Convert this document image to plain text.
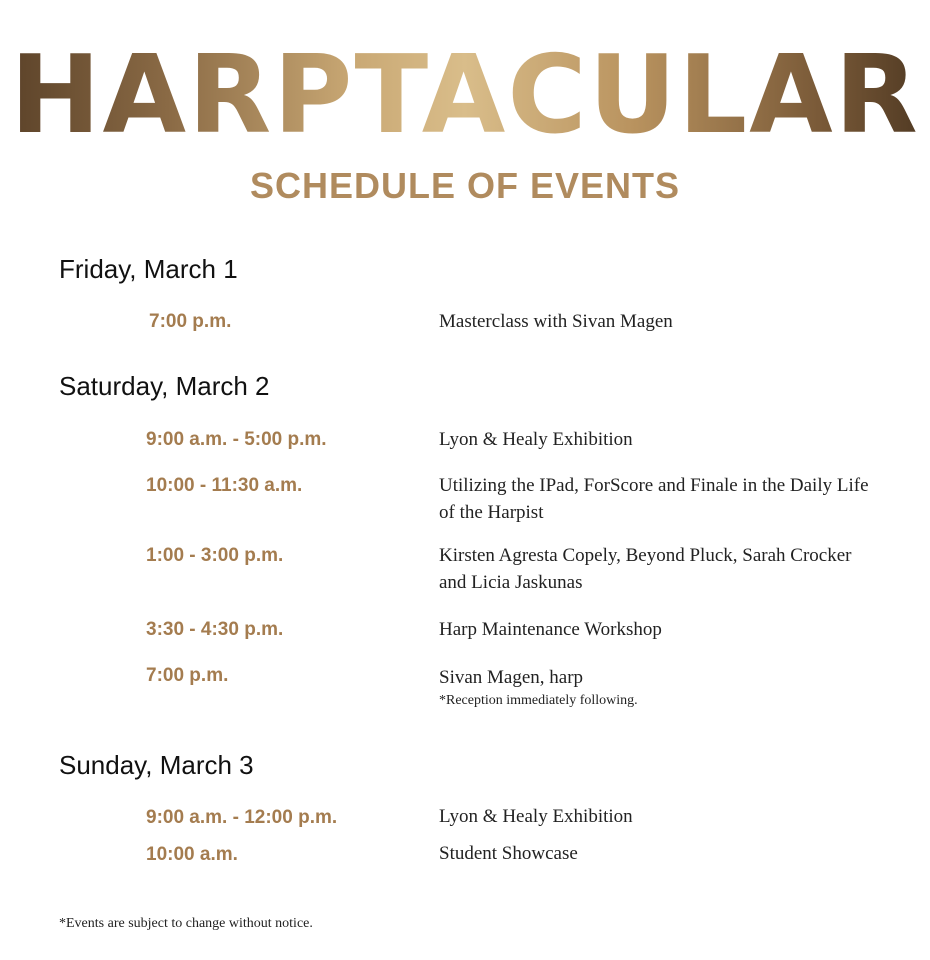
HARPTACULAR
SCHEDULE OF EVENTS
Friday, March 1
7:00 p.m.	Masterclass with Sivan Magen
Saturday, March 2
9:00 a.m. - 5:00 p.m.	Lyon & Healy Exhibition
10:00 - 11:30 a.m.	Utilizing the IPad, ForScore and Finale in the Daily Life of the Harpist
1:00 - 3:00 p.m.	Kirsten Agresta Copely, Beyond Pluck, Sarah Crocker and Licia Jaskunas
3:30 - 4:30 p.m.	Harp Maintenance Workshop
7:00 p.m.	Sivan Magen, harp
*Reception immediately following.
Sunday, March 3
9:00 a.m. - 12:00 p.m.	Lyon & Healy Exhibition
10:00 a.m.	Student Showcase
*Events are subject to change without notice.
